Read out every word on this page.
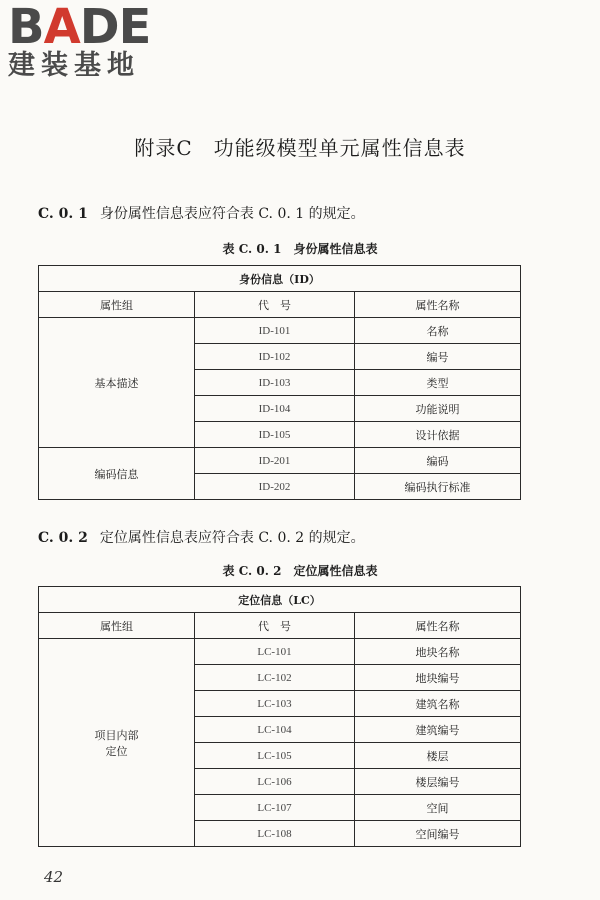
BADE
建装基地
附录C　功能级模型单元属性信息表
C. 0. 1 身份属性信息表应符合表 C. 0. 1 的规定。
表 C. 0. 1 身份属性信息表
身份信息（ID）		
属性组	代　号	属性名称
基本描述	ID-101	名称
	ID-102	编号
	ID-103	类型
	ID-104	功能说明
	ID-105	设计依据
编码信息	ID-201	编码
	ID-202	编码执行标准
C. 0. 2 定位属性信息表应符合表 C. 0. 2 的规定。
表 C. 0. 2 定位属性信息表
定位信息（LC）		
属性组	代　号	属性名称

项目内部
定位	LC-101	地块名称
	LC-102	地块编号
	LC-103	建筑名称
	LC-104	建筑编号
	LC-105	楼层
	LC-106	楼层编号
	LC-107	空间
	LC-108	空间编号
42
